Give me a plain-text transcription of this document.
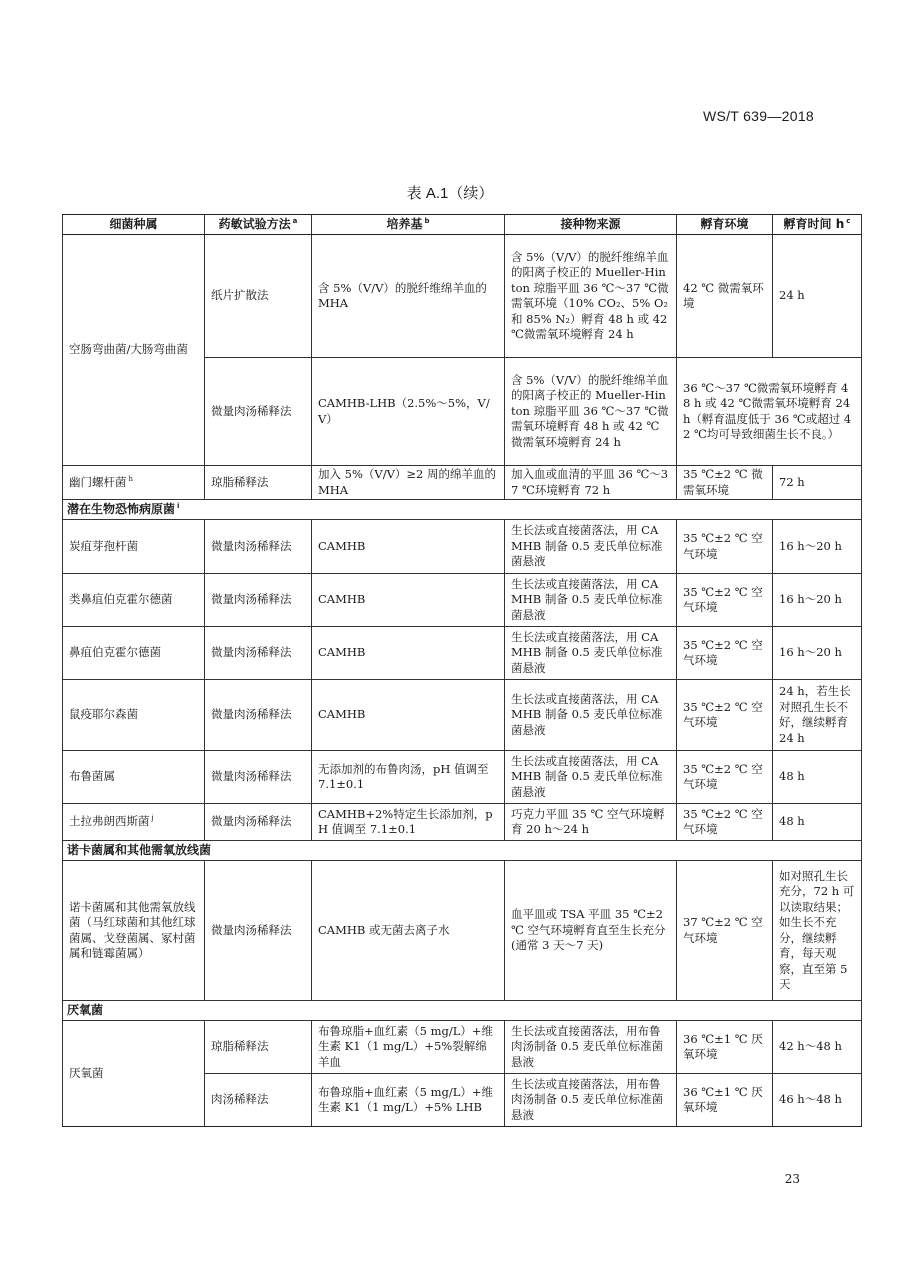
WS/T 639—2018
表 A.1（续）
细菌种属	药敏试验方法 $^a$	培养基 $^b$	接种物来源	孵育环境	孵育时间 h $^c$
空肠弯曲菌/大肠弯曲菌	纸片扩散法	含 5%（V/V）的脱纤维绵羊血的 MHA	含 5%（V/V）的脱纤维绵羊血的阳离子校正的 Mueller-Hinton 琼脂平皿 36 ℃～37 ℃微需氧环境（10% CO₂、5% O₂和 85% N₂）孵育 48 h 或 42 ℃微需氧环境孵育 24 h	42 ℃ 微需氧环境	24 h
	微量肉汤稀释法	CAMHB-LHB（2.5%～5%，V/V）	含 5%（V/V）的脱纤维绵羊血的阳离子校正的 Mueller-Hinton 琼脂平皿 36 ℃～37 ℃微需氧环境孵育 48 h 或 42 ℃微需氧环境孵育 24 h	36 ℃～37 ℃微需氧环境孵育 48 h 或 42 ℃微需氧环境孵育 24 h（孵育温度低于 36 ℃或超过 42 ℃均可导致细菌生长不良。）	
幽门螺杆菌 $^h$	琼脂稀释法	加入 5%（V/V）≥2 周的绵羊血的 MHA	加入血或血清的平皿 36 ℃～37 ℃环境孵育 72 h	35 ℃±2 ℃ 微需氧环境	72 h
潜在生物恐怖病原菌 $^i$
炭疽芽孢杆菌	微量肉汤稀释法	CAMHB	生长法或直接菌落法，用 CAMHB 制备 0.5 麦氏单位标准菌悬液	35 ℃±2 ℃ 空气环境	16 h～20 h
类鼻疽伯克霍尔德菌	微量肉汤稀释法	CAMHB	生长法或直接菌落法，用 CAMHB 制备 0.5 麦氏单位标准菌悬液	35 ℃±2 ℃ 空气环境	16 h～20 h
鼻疽伯克霍尔德菌	微量肉汤稀释法	CAMHB	生长法或直接菌落法，用 CAMHB 制备 0.5 麦氏单位标准菌悬液	35 ℃±2 ℃ 空气环境	16 h～20 h
鼠疫耶尔森菌	微量肉汤稀释法	CAMHB	生长法或直接菌落法，用 CAMHB 制备 0.5 麦氏单位标准菌悬液	35 ℃±2 ℃ 空气环境	24 h，若生长对照孔生长不好，继续孵育 24 h
布鲁菌属	微量肉汤稀释法	无添加剂的布鲁肉汤，pH 值调至 7.1±0.1	生长法或直接菌落法，用 CAMHB 制备 0.5 麦氏单位标准菌悬液	35 ℃±2 ℃ 空气环境	48 h
土拉弗朗西斯菌 $^j$	微量肉汤稀释法	CAMHB+2%特定生长添加剂，pH 值调至 7.1±0.1	巧克力平皿 35 ℃ 空气环境孵育 20 h～24 h	35 ℃±2 ℃ 空气环境	48 h
诺卡菌属和其他需氧放线菌					
诺卡菌属和其他需氧放线菌（马红球菌和其他红球菌属、戈登菌属、冢村菌属和链霉菌属）	微量肉汤稀释法	CAMHB 或无菌去离子水	血平皿或 TSA 平皿 35 ℃±2 ℃ 空气环境孵育直至生长充分(通常 3 天～7 天)	37 ℃±2 ℃ 空气环境	如对照孔生长充分，72 h 可以读取结果；如生长不充分，继续孵育，每天观察，直至第 5 天
厌氧菌					
厌氧菌	琼脂稀释法	布鲁琼脂+血红素（5 mg/L）+维生素 K1（1 mg/L）+5%裂解绵羊血	生长法或直接菌落法，用布鲁肉汤制备 0.5 麦氏单位标准菌悬液	36 ℃±1 ℃ 厌氧环境	42 h～48 h
	肉汤稀释法	布鲁琼脂+血红素（5 mg/L）+维生素 K1（1 mg/L）+5% LHB	生长法或直接菌落法，用布鲁肉汤制备 0.5 麦氏单位标准菌悬液	36 ℃±1 ℃ 厌氧环境	46 h～48 h
23
